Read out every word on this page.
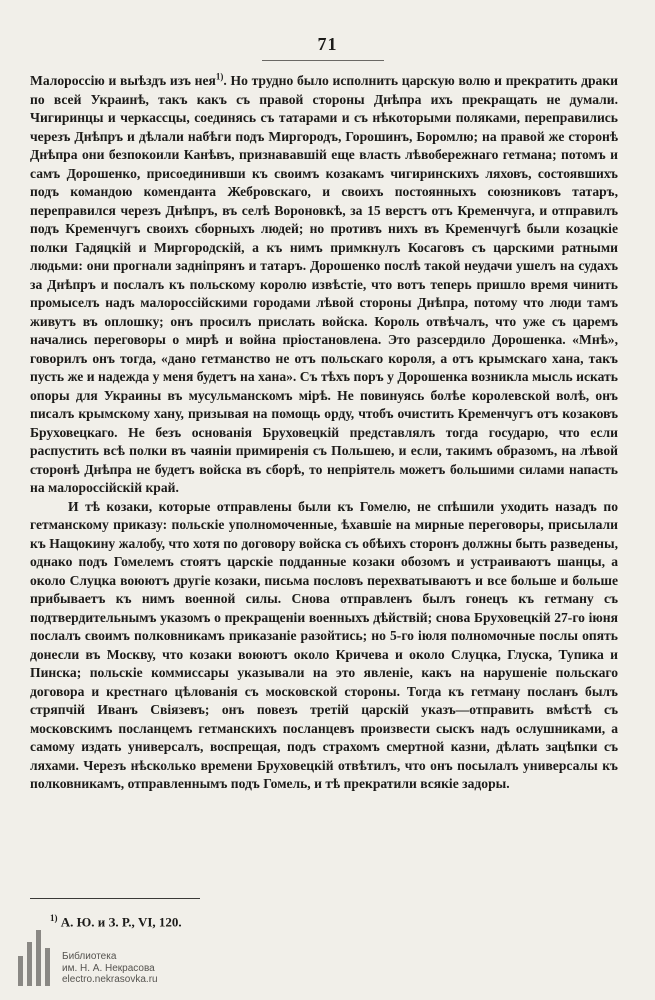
71

Малороссію и выѣздъ изъ нея$^{1)}$. Но трудно было исполнить царскую волю и прекратить драки по всей Украинѣ, такъ какъ съ правой стороны Днѣпра ихъ прекращать не думали. Чигиринцы и черкассцы, соединясь съ татарами и съ нѣкоторыми поляками, переправились черезъ Днѣпръ и дѣлали набѣги подъ Миргородъ, Горошинъ, Боромлю; на правой же сторонѣ Днѣпра они безпокоили Канѣвъ, признававшій еще власть лѣвобережнаго гетмана; потомъ и самъ Дорошенко, присоединивши къ своимъ козакамъ чигиринскихъ ляховъ, состоявшихъ подъ командою коменданта Жебровскаго, и своихъ постоянныхъ союзниковъ татаръ, переправился черезъ Днѣпръ, въ селѣ Вороновкѣ, за 15 верстъ отъ Кременчуга, и отправилъ подъ Кременчугъ своихъ сборныхъ людей; но противъ нихъ въ Кременчугѣ были козацкіе полки Гадяцкій и Миргородскій, а къ нимъ примкнулъ Косаговъ съ царскими ратными людьми: они прогнали задніпрянъ и татаръ. Дорошенко послѣ такой неудачи ушелъ на судахъ за Днѣпръ и послалъ къ польскому королю извѣстіе, что вотъ теперь пришло время чинить промыселъ надъ малороссійскими городами лѣвой стороны Днѣпра, потому что люди тамъ живутъ въ оплошку; онъ просилъ прислать войска. Король отвѣчалъ, что уже съ царемъ начались переговоры о мирѣ и война пріостановлена. Это разсердило Дорошенка. «Мнѣ», говорилъ онъ тогда, «дано гетманство не отъ польскаго короля, а отъ крымскаго хана, такъ пусть же и надежда у меня будетъ на хана». Съ тѣхъ поръ у Дорошенка возникла мысль искать опоры для Украины въ мусульманскомъ мірѣ. Не повинуясь болѣе королевской волѣ, онъ писалъ крымскому хану, призывая на помощь орду, чтобъ очистить Кременчугъ отъ козаковъ Бруховецкаго. Не безъ основанія Бруховецкій представлялъ тогда государю, что если распустить всѣ полки въ чаяніи примиренія съ Польшею, и если, такимъ образомъ, на лѣвой сторонѣ Днѣпра не будетъ войска въ сборѣ, то непріятель можетъ большими силами напасть на малороссійскій край.

И тѣ козаки, которые отправлены были къ Гомелю, не спѣшили уходить назадъ по гетманскому приказу: польскіе уполномоченные, ѣхавшіе на мирные переговоры, присылали къ Нащокину жалобу, что хотя по договору войска съ обѣихъ сторонъ должны быть разведены, однако подъ Гомелемъ стоятъ царскіе подданные козаки обозомъ и устраиваютъ шанцы, а около Слуцка воюютъ другіе козаки, письма пословъ перехватываютъ и все больше и больше прибываетъ къ нимъ военной силы. Снова отправленъ былъ гонецъ къ гетману съ подтвердительнымъ указомъ о прекращеніи военныхъ дѣйствій; снова Бруховецкій 27-го іюня послалъ своимъ полковникамъ приказаніе разойтись; но 5-го іюля полномочные послы опять донесли въ Москву, что козаки воюютъ около Кричева и около Слуцка, Глуска, Тупика и Пинска; польскіе коммиссары указывали на это явленіе, какъ на нарушеніе польскаго договора и крестнаго цѣлованія съ московской стороны. Тогда къ гетману посланъ былъ стряпчій Иванъ Свіязевъ; онъ повезъ третій царскій указъ—отправить вмѣстѣ съ московскимъ посланцемъ гетманскихъ посланцевъ произвести сыскъ надъ ослушниками, а самому издать универсалъ, воспрещая, подъ страхомъ смертной казни, дѣлать зацѣпки съ ляхами. Черезъ нѣсколько времени Бруховецкій отвѣтилъ, что онъ посылалъ универсалы къ полковникамъ, отправленнымъ подъ Гомель, и тѣ прекратили всякіе задоры.

$^{1)}$ А. Ю. и З. Р., VI, 120.
Библиотека
им. Н. А. Некрасова
electro.nekrasovka.ru
